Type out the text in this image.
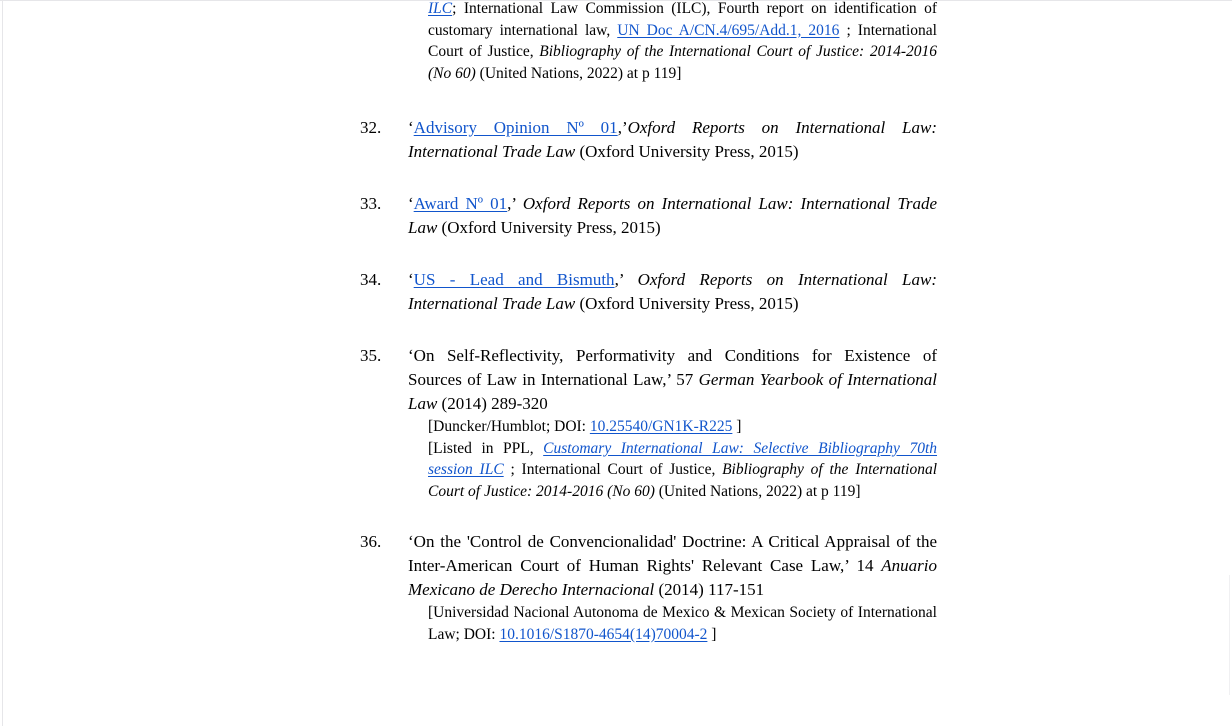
ILC; International Law Commission (ILC), Fourth report on identification of customary international law, UN Doc A/CN.4/695/Add.1, 2016 ; International Court of Justice, Bibliography of the International Court of Justice: 2014-2016 (No 60) (United Nations, 2022) at p 119]

32.	‘Advisory Opinion Nº 01,’Oxford Reports on International Law: International Trade Law (Oxford University Press, 2015)

33.	‘Award Nº 01,’ Oxford Reports on International Law: International Trade Law (Oxford University Press, 2015)

34.	‘US - Lead and Bismuth,’ Oxford Reports on International Law: International Trade Law (Oxford University Press, 2015)

35.	‘On Self-Reflectivity, Performativity and Conditions for Existence of Sources of Law in International Law,’ 57 German Yearbook of International Law (2014) 289-320

[Duncker/Humblot; DOI: 10.25540/GN1K-R225 ]

[Listed in PPL, Customary International Law: Selective Bibliography 70th session ILC ; International Court of Justice, Bibliography of the International Court of Justice: 2014-2016 (No 60) (United Nations, 2022) at p 119]

36.	‘On the 'Control de Convencionalidad' Doctrine: A Critical Appraisal of the Inter-American Court of Human Rights' Relevant Case Law,’ 14 Anuario Mexicano de Derecho Internacional (2014) 117-151

[Universidad Nacional Autonoma de Mexico & Mexican Society of International Law; DOI: 10.1016/S1870-4654(14)70004-2 ]
